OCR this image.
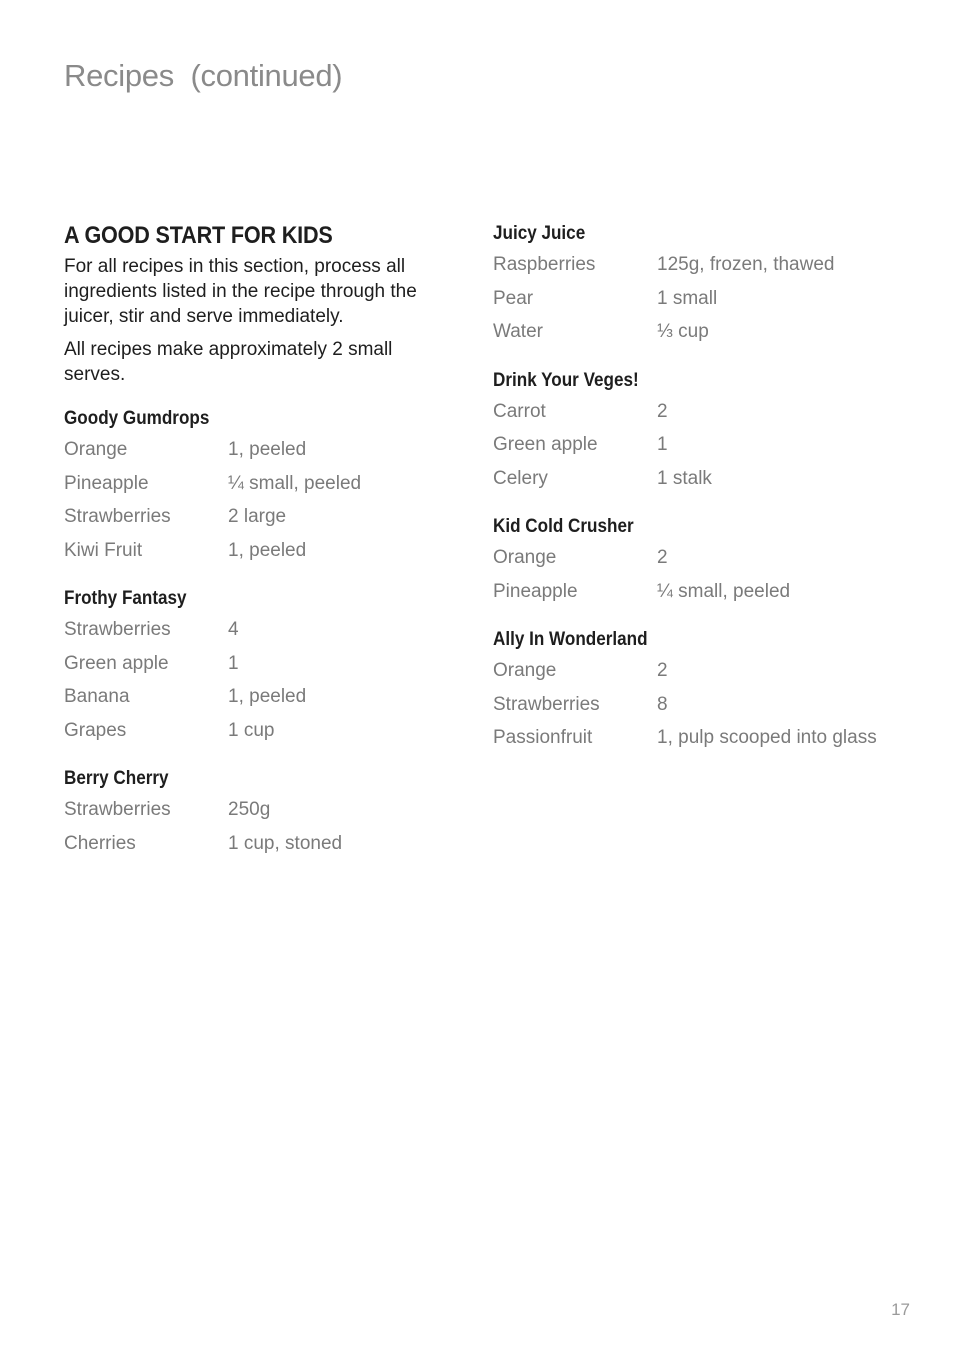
Recipes  (continued)
A GOOD START FOR KIDS

For all recipes in this section, process all ingredients listed in the recipe through the juicer, stir and serve immediately.

All recipes make approximately 2 small serves.

Goody Gumdrops
Orange	1, peeled
Pineapple	¼ small, peeled
Strawberries	2 large
Kiwi Fruit	1, peeled
Frothy Fantasy
Strawberries	4
Green apple	1
Banana	1, peeled
Grapes	1 cup
Berry Cherry
Strawberries	250g
Cherries	1 cup, stoned
Juicy Juice
Raspberries	125g, frozen, thawed
Pear	1 small
Water	⅓ cup
Drink Your Veges!
Carrot	2
Green apple	1
Celery	1 stalk
Kid Cold Crusher
Orange	2
Pineapple	¼ small, peeled
Ally In Wonderland
Orange	2
Strawberries	8
Passionfruit	1, pulp scooped into glass
17
